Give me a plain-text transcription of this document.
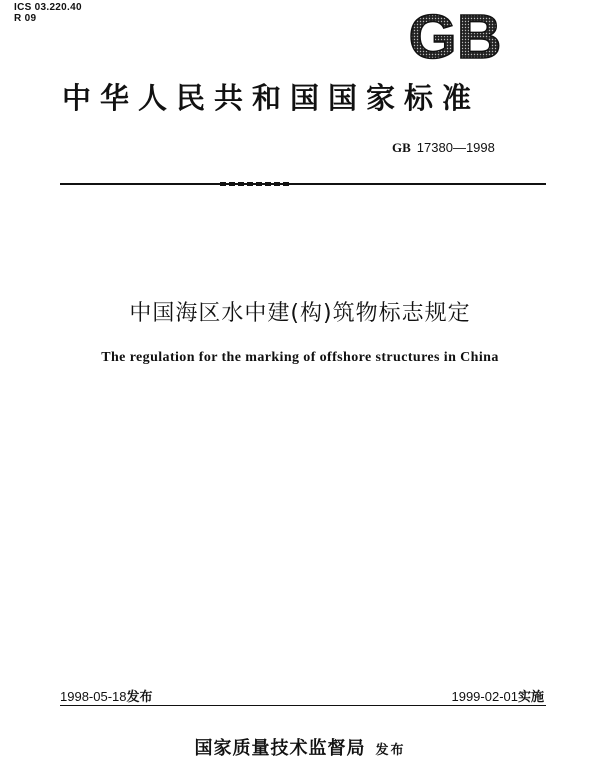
ICS 03.220.40
R 09	GB
中华人民共和国国家标准
GB 17380—1998
中国海区水中建(构)筑物标志规定
The regulation for the marking of offshore structures in China
1998-05-18发布	1999-02-01实施
国家质量技术监督局 发布
